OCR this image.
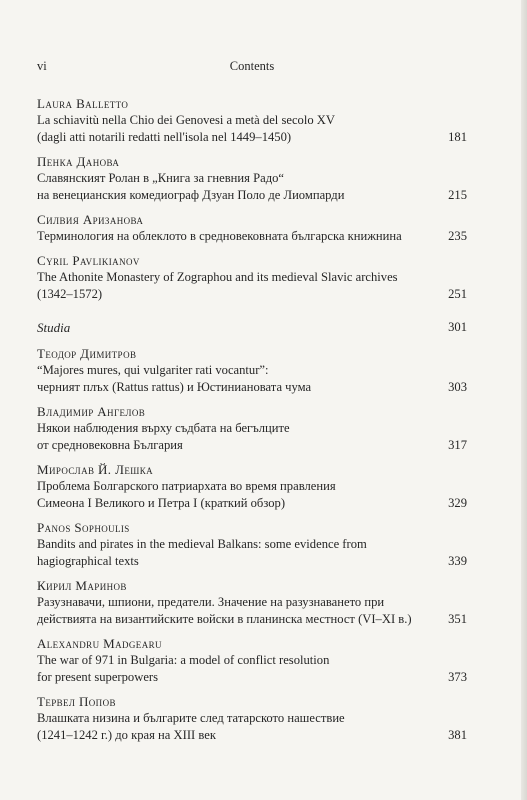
vi	Contents
Laura Balletto
La schiavitù nella Chio dei Genovesi a metà del secolo XV
(dagli atti notarili redatti nell'isola nel 1449–1450)	181
Пенка Данова
Славянският Ролан в „Книга за гневния Радо“
на венецианския комедиограф Дзуан Поло де Лиомпарди	215
Силвия Аризанова
Терминология на облеклото в средновековната българска книжнина	235
Cyril Pavlikianov
The Athonite Monastery of Zographou and its medieval Slavic archives
(1342–1572)	251
Studia	301
Теодор Димитров
“Majores mures, qui vulgariter rati vocantur”:
черният плъх (Rattus rattus) и Юстиниановата чума	303
Владимир Ангелов
Някои наблюдения върху съдбата на бегълците
от средновековна България	317
Мирослав Й. Лешка
Проблема Болгарского патриархата во время правления
Симеона I Великого и Петра I (краткий обзор)	329
Panos Sophoulis
Bandits and pirates in the medieval Balkans: some evidence from
hagiographical texts	339
Кирил Маринов
Разузнавачи, шпиони, предатели. Значение на разузнаването при
действията на византийските войски в планинска местност (VI–XI в.)	351
Alexandru Madgearu
The war of 971 in Bulgaria: a model of conflict resolution
for present superpowers	373
Тервел Попов
Влашката низина и българите след татарското нашествие
(1241–1242 г.) до края на XIII век	381
